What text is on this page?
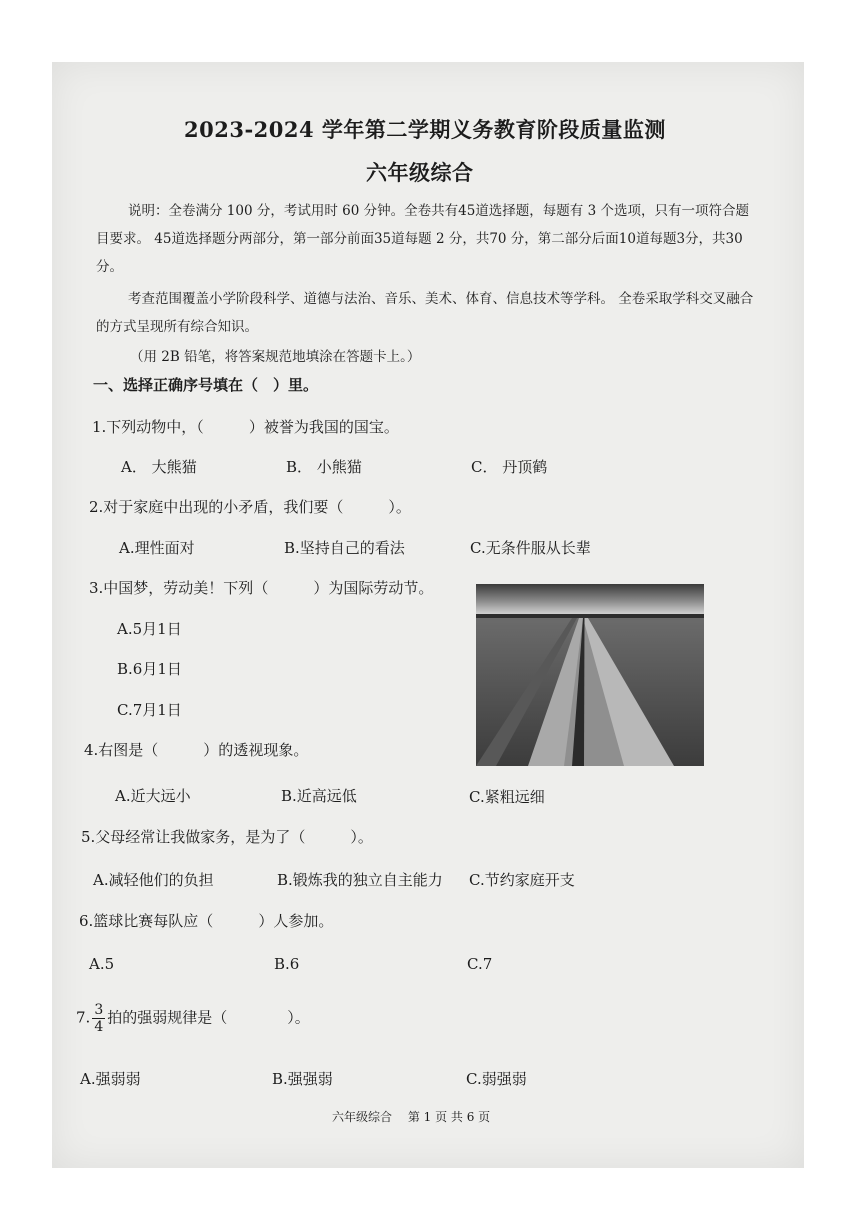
2023-2024 学年第二学期义务教育阶段质量监测
六年级综合
说明：全卷满分 100 分，考试用时 60 分钟。全卷共有45道选择题，每题有 3 个选项，只有一项符合题目要求。 45道选择题分两部分，第一部分前面35道每题 2 分，共70 分，第二部分后面10道每题3分，共30分。
考查范围覆盖小学阶段科学、道德与法治、音乐、美术、体育、信息技术等学科。 全卷采取学科交叉融合的方式呈现所有综合知识。
（用 2B 铅笔，将答案规范地填涂在答题卡上。）
一、选择正确序号填在（　）里。
1.下列动物中，（　　　）被誉为我国的国宝。
A． 大熊猫	B． 小熊猫	C． 丹顶鹤
2.对于家庭中出现的小矛盾，我们要（　　　）。
A.理性面对	B.坚持自己的看法	C.无条件服从长辈
3.中国梦，劳动美！下列（　　　）为国际劳动节。
A.5月1日
B.6月1日
C.7月1日
4.右图是（　　　）的透视现象。
A.近大远小	B.近高远低	C.紧粗远细
5.父母经常让我做家务，是为了（　　　）。
A.减轻他们的负担	B.锻炼我的独立自主能力 C.节约家庭开支
6.篮球比赛每队应（　　　）人参加。
A.5	B.6	C.7
7. $\frac{3}{4}$ 拍的强弱规律是（　　　　）。
A.强弱弱	B.强强弱	C.弱强弱
六年级综合　 第 1 页 共 6 页
